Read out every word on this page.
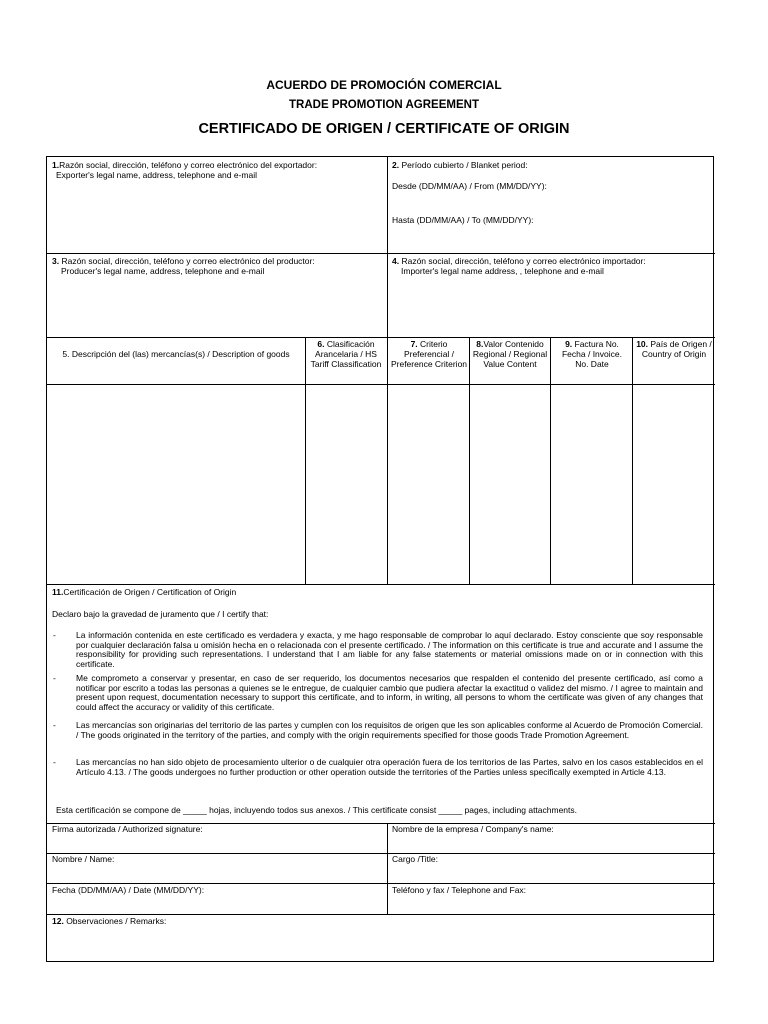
ACUERDO DE PROMOCIÓN COMERCIAL
TRADE PROMOTION AGREEMENT
CERTIFICADO DE ORIGEN / CERTIFICATE OF ORIGIN
1.Razón social, dirección, teléfono y correo electrónico del exportador:
Exporter's legal name, address, telephone and e-mail
2. Período cubierto / Blanket period:
Desde (DD/MM/AA) / From (MM/DD/YY):
Hasta (DD/MM/AA) / To (MM/DD/YY):
3. Razón social, dirección, teléfono y correo electrónico del productor:
Producer's legal name, address, telephone and e-mail
4. Razón social, dirección, teléfono y correo electrónico importador:
Importer's legal name address, , telephone and e-mail
5. Descripción del (las) mercancías(s) / Description of goods
6. Clasificación Arancelaria / HS Tariff Classification
7. Criterio Preferencial / Preference Criterion
8.Valor Contenido Regional / Regional Value Content
9. Factura No. Fecha / Invoice. No. Date
10. País de Origen / Country of Origin
11.Certificación de Origen / Certification of Origin
Declaro bajo la gravedad de juramento que / I certify that:
- La información contenida en este certificado es verdadera y exacta, y me hago responsable de comprobar lo aquí declarado. Estoy consciente que soy responsable por cualquier declaración falsa u omisión hecha en o relacionada con el presente certificado. / The information on this certificate is true and accurate and I assume the responsibility for providing such representations. I understand that I am liable for any false statements or material omissions made on or in connection with this certificate.
- Me comprometo a conservar y presentar, en caso de ser requerido, los documentos necesarios que respalden el contenido del presente certificado, así como a notificar por escrito a todas las personas a quienes se le entregue, de cualquier cambio que pudiera afectar la exactitud o validez del mismo. / I agree to maintain and present upon request, documentation necessary to support this certificate, and to inform, in writing, all persons to whom the certificate was given of any changes that could affect the accuracy or validity of this certificate.
- Las mercancías son originarias del territorio de las partes y cumplen con los requisitos de origen que les son aplicables conforme al Acuerdo de Promoción Comercial. / The goods originated in the territory of the parties, and comply with the origin requirements specified for those goods Trade Promotion Agreement.
- Las mercancías no han sido objeto de procesamiento ulterior o de cualquier otra operación fuera de los territorios de las Partes, salvo en los casos establecidos en el Artículo 4.13. / The goods undergoes no further production or other operation outside the territories of the Parties unless specifically exempted in Article 4.13.
Esta certificación se compone de _____ hojas, incluyendo todos sus anexos. / This certificate consist _____ pages, including attachments.
Firma autorizada / Authorized signature:	Nombre de la empresa / Company's name:
Nombre / Name:	Cargo /Title:
Fecha (DD/MM/AA) / Date (MM/DD/YY):	Teléfono y fax / Telephone and Fax:
12. Observaciones / Remarks:
